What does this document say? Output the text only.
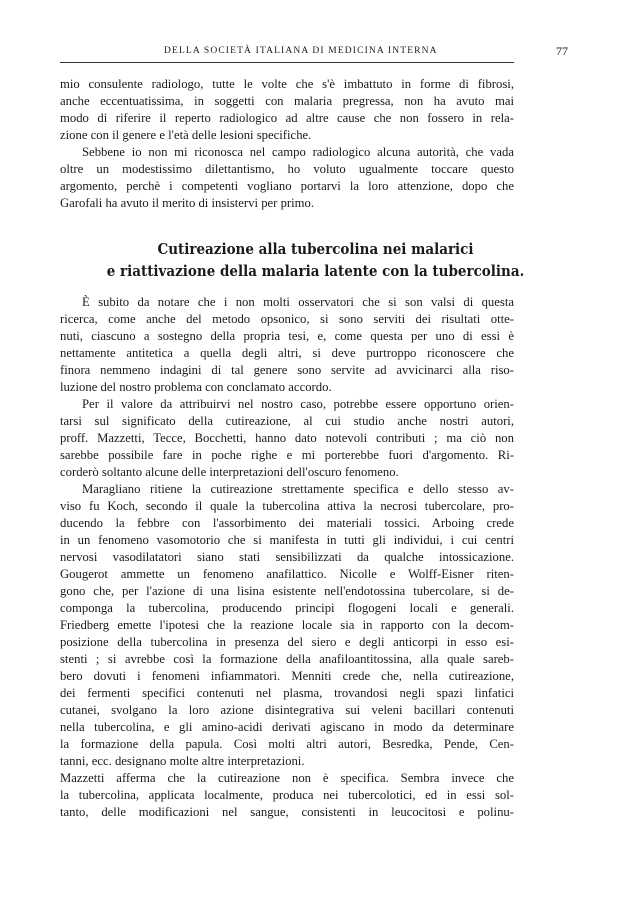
DELLA SOCIETÀ ITALIANA DI MEDICINA INTERNA	77
mio consulente radiologo, tutte le volte che s'è imbattuto in forme di fibrosi,
anche eccentuatissima, in soggetti con malaria pregressa, non ha avuto mai
modo di riferire il reperto radiologico ad altre cause che non fossero in rela-
zione con il genere e l'età delle lesioni specifiche.
Sebbene io non mi riconosca nel campo radiologico alcuna autorità, che vada
oltre un modestissimo dilettantismo, ho voluto ugualmente toccare questo
argomento, perchè i competenti vogliano portarvi la loro attenzione, dopo che
Garofali ha avuto il merito di insistervi per primo.
Cutireazione alla tubercolina nei malarici
e riattivazione della malaria latente con la tubercolina.
È subito da notare che i non molti osservatori che si son valsi di questa
ricerca, come anche del metodo opsonico, si sono serviti dei risultati otte-
nuti, ciascuno a sostegno della propria tesi, e, come questa per uno di essi è
nettamente antitetica a quella degli altri, si deve purtroppo riconoscere che
finora nemmeno indagini di tal genere sono servite ad avvicinarci alla riso-
luzione del nostro problema con conclamato accordo.
Per il valore da attribuirvi nel nostro caso, potrebbe essere opportuno orien-
tarsi sul significato della cutireazione, al cui studio anche nostri autori,
proff. Mazzetti, Tecce, Bocchetti, hanno dato notevoli contributi ; ma ciò non
sarebbe possibile fare in poche righe e mi porterebbe fuori d'argomento. Ri-
corderò soltanto alcune delle interpretazioni dell'oscuro fenomeno.
Maragliano ritiene la cutireazione strettamente specifica e dello stesso av-
viso fu Koch, secondo il quale la tubercolina attiva la necrosi tubercolare, pro-
ducendo la febbre con l'assorbimento dei materiali tossici. Arboing crede
in un fenomeno vasomotorio che si manifesta in tutti gli individui, i cui centri
nervosi vasodilatatori siano stati sensibilizzati da qualche intossicazione.
Gougerot ammette un fenomeno anafilattico. Nicolle e Wolff-Eisner riten-
gono che, per l'azione di una lisina esistente nell'endotossina tubercolare, si de-
componga la tubercolina, producendo principi flogogeni locali e generali.
Friedberg emette l'ipotesi che la reazione locale sia in rapporto con la decom-
posizione della tubercolina in presenza del siero e degli anticorpi in esso esi-
stenti ; si avrebbe così la formazione della anafiloantitossina, alla quale sareb-
bero dovuti i fenomeni infiammatori. Menniti crede che, nella cutireazione,
dei fermenti specifici contenuti nel plasma, trovandosi negli spazi linfatici
cutanei, svolgano la loro azione disintegrativa sui veleni bacillari contenuti
nella tubercolina, e gli amino-acidi derivati agiscano in modo da determinare
la formazione della papula. Così molti altri autori, Besredka, Pende, Cen-
tanni, ecc. designano molte altre interpretazioni.
Mazzetti afferma che la cutireazione non è specifica. Sembra invece che
la tubercolina, applicata localmente, produca nei tubercolotici, ed in essi sol-
tanto, delle modificazioni nel sangue, consistenti in leucocitosi e polinu-
